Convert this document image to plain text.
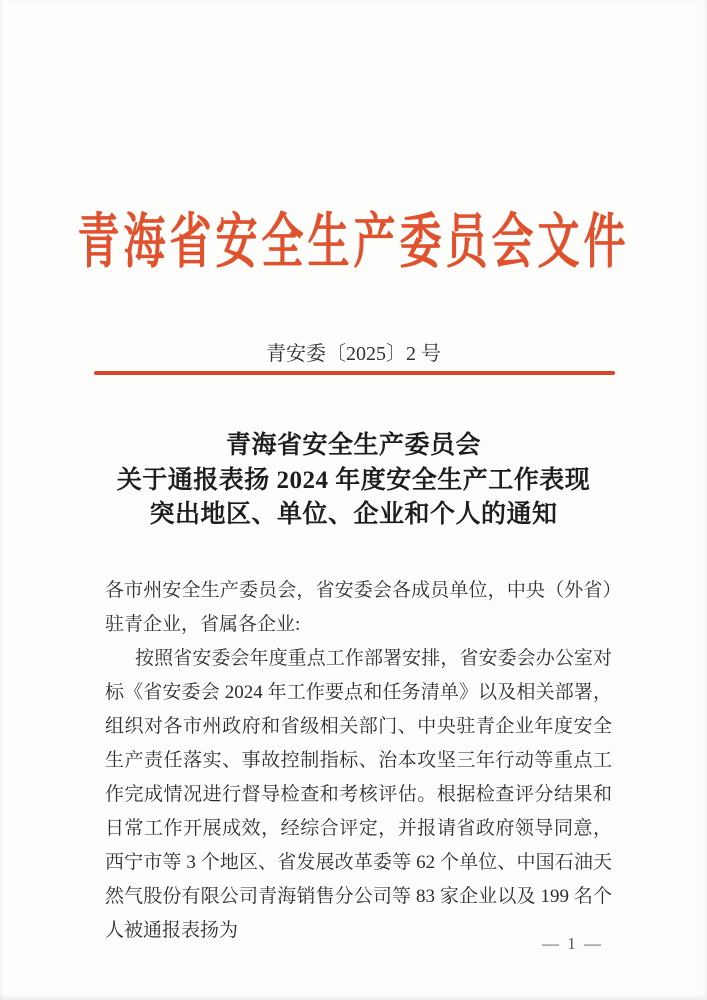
青海省安全生产委员会文件
青安委〔2025〕2 号
青海省安全生产委员会
关于通报表扬 2024 年度安全生产工作表现
突出地区、单位、企业和个人的通知

各市州安全生产委员会，省安委会各成员单位，中央（外省）驻青企业，省属各企业:

按照省安委会年度重点工作部署安排，省安委会办公室对标《省安委会 2024 年工作要点和任务清单》以及相关部署，组织对各市州政府和省级相关部门、中央驻青企业年度安全生产责任落实、事故控制指标、治本攻坚三年行动等重点工作完成情况进行督导检查和考核评估。根据检查评分结果和日常工作开展成效，经综合评定，并报请省政府领导同意，西宁市等 3 个地区、省发展改革委等 62 个单位、中国石油天然气股份有限公司青海销售分公司等 83 家企业以及 199 名个人被通报表扬为

— 1 —
